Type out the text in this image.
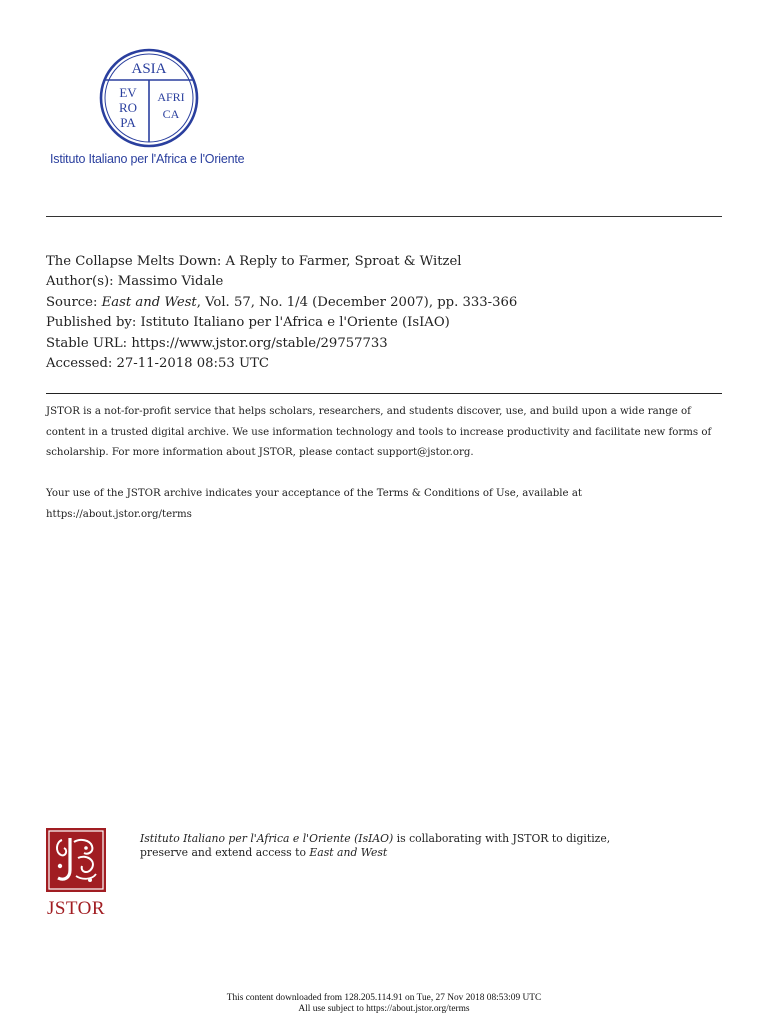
ASIA
EV
RO
PA
AFRI
CA
Istituto Italiano per l'Africa e l'Oriente
The Collapse Melts Down: A Reply to Farmer, Sproat & Witzel
Author(s): Massimo Vidale
Source: East and West, Vol. 57, No. 1/4 (December 2007), pp. 333-366
Published by: Istituto Italiano per l'Africa e l'Oriente (IsIAO)
Stable URL: https://www.jstor.org/stable/29757733
Accessed: 27-11-2018 08:53 UTC
JSTOR is a not-for-profit service that helps scholars, researchers, and students discover, use, and build upon a wide range of content in a trusted digital archive. We use information technology and tools to increase productivity and facilitate new forms of scholarship. For more information about JSTOR, please contact support@jstor.org.
Your use of the JSTOR archive indicates your acceptance of the Terms & Conditions of Use, available at https://about.jstor.org/terms
JSTOR
Istituto Italiano per l'Africa e l'Oriente (IsIAO) is collaborating with JSTOR to digitize,
preserve and extend access to East and West
This content downloaded from 128.205.114.91 on Tue, 27 Nov 2018 08:53:09 UTC
All use subject to https://about.jstor.org/terms
